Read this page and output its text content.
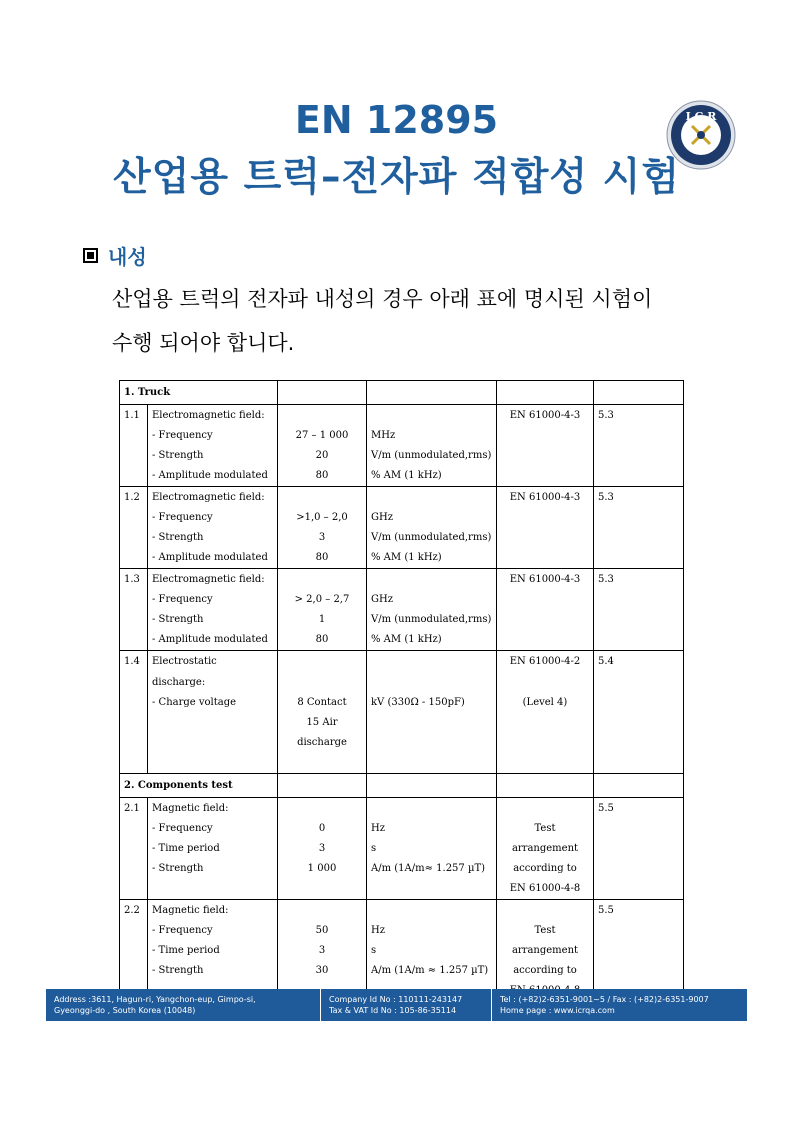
EN 12895
산업용 트럭–전자파 적합성 시험
I C R
내성
산업용 트럭의 전자파 내성의 경우 아래 표에 명시된 시험이
수행 되어야 합니다.
1. Truck					
1.1	Electromagnetic field:			EN 61000-4-3	5.3
	- Frequency	27 – 1 000	MHz		
	- Strength	20	V/m (unmodulated,rms)		
	- Amplitude modulated	80	% AM (1 kHz)		
1.2	Electromagnetic field:			EN 61000-4-3	5.3
	- Frequency	>1,0 – 2,0	GHz		
	- Strength	3	V/m (unmodulated,rms)		
	- Amplitude modulated	80	% AM (1 kHz)		
1.3	Electromagnetic field:			EN 61000-4-3	5.3
	- Frequency	> 2,0 – 2,7	GHz		
	- Strength	1	V/m (unmodulated,rms)		
	- Amplitude modulated	80	% AM (1 kHz)		
1.4	Electrostatic discharge:			EN 61000-4-2	5.4
	- Charge voltage	8 Contact	kV (330Ω - 150pF)	(Level 4)	
		15 Air discharge			

2. Components test					
2.1	Magnetic field:				5.5
	- Frequency	0	Hz	Test	
	- Time period	3	s	arrangement	
	- Strength	1 000	A/m (1A/m≈ 1.257 µT)	according to	
				EN 61000-4-8	
2.2	Magnetic field:				5.5
	- Frequency	50	Hz	Test	
	- Time period	3	s	arrangement	
	- Strength	30	A/m (1A/m ≈ 1.257 µT)	according to	

Address :3611, Hagun-ri, Yangchon-eup, Gimpo-si,
Gyeonggi-do , South Korea (10048)
Company Id No : 110111-243147
Tax & VAT Id No : 105-86-35114
Tel : (+82)2-6351-9001~5 / Fax : (+82)2-6351-9007
Home page : www.icrqa.com
